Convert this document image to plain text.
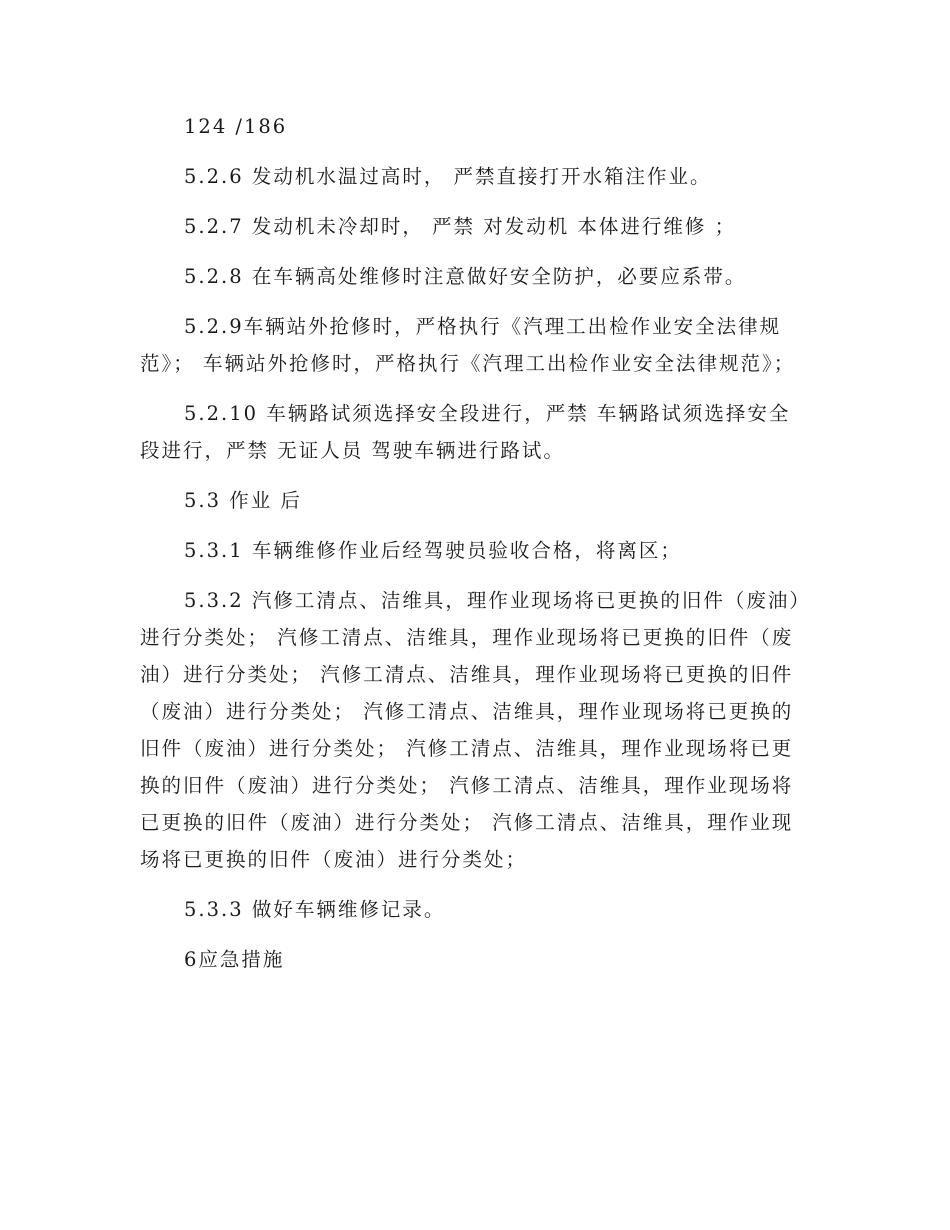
124 /186

5.2.6 发动机水温过高时， 严禁直接打开水箱注作业。

5.2.7 发动机未冷却时， 严禁 对发动机 本体进行维修 ；

5.2.8 在车辆高处维修时注意做好安全防护，必要应系带。

5.2.9车辆站外抢修时，严格执行《汽理工出检作业安全法律规范》； 车辆站外抢修时，严格执行《汽理工出检作业安全法律规范》；

5.2.10 车辆路试须选择安全段进行，严禁 车辆路试须选择安全段进行，严禁 无证人员 驾驶车辆进行路试。

5.3 作业 后

5.3.1 车辆维修作业后经驾驶员验收合格，将离区；

5.3.2 汽修工清点、洁维具，理作业现场将已更换的旧件（废油）进行分类处； 汽修工清点、洁维具，理作业现场将已更换的旧件（废油）进行分类处； 汽修工清点、洁维具，理作业现场将已更换的旧件（废油）进行分类处； 汽修工清点、洁维具，理作业现场将已更换的旧件（废油）进行分类处； 汽修工清点、洁维具，理作业现场将已更换的旧件（废油）进行分类处； 汽修工清点、洁维具，理作业现场将已更换的旧件（废油）进行分类处； 汽修工清点、洁维具，理作业现场将已更换的旧件（废油）进行分类处；

5.3.3 做好车辆维修记录。

6应急措施
